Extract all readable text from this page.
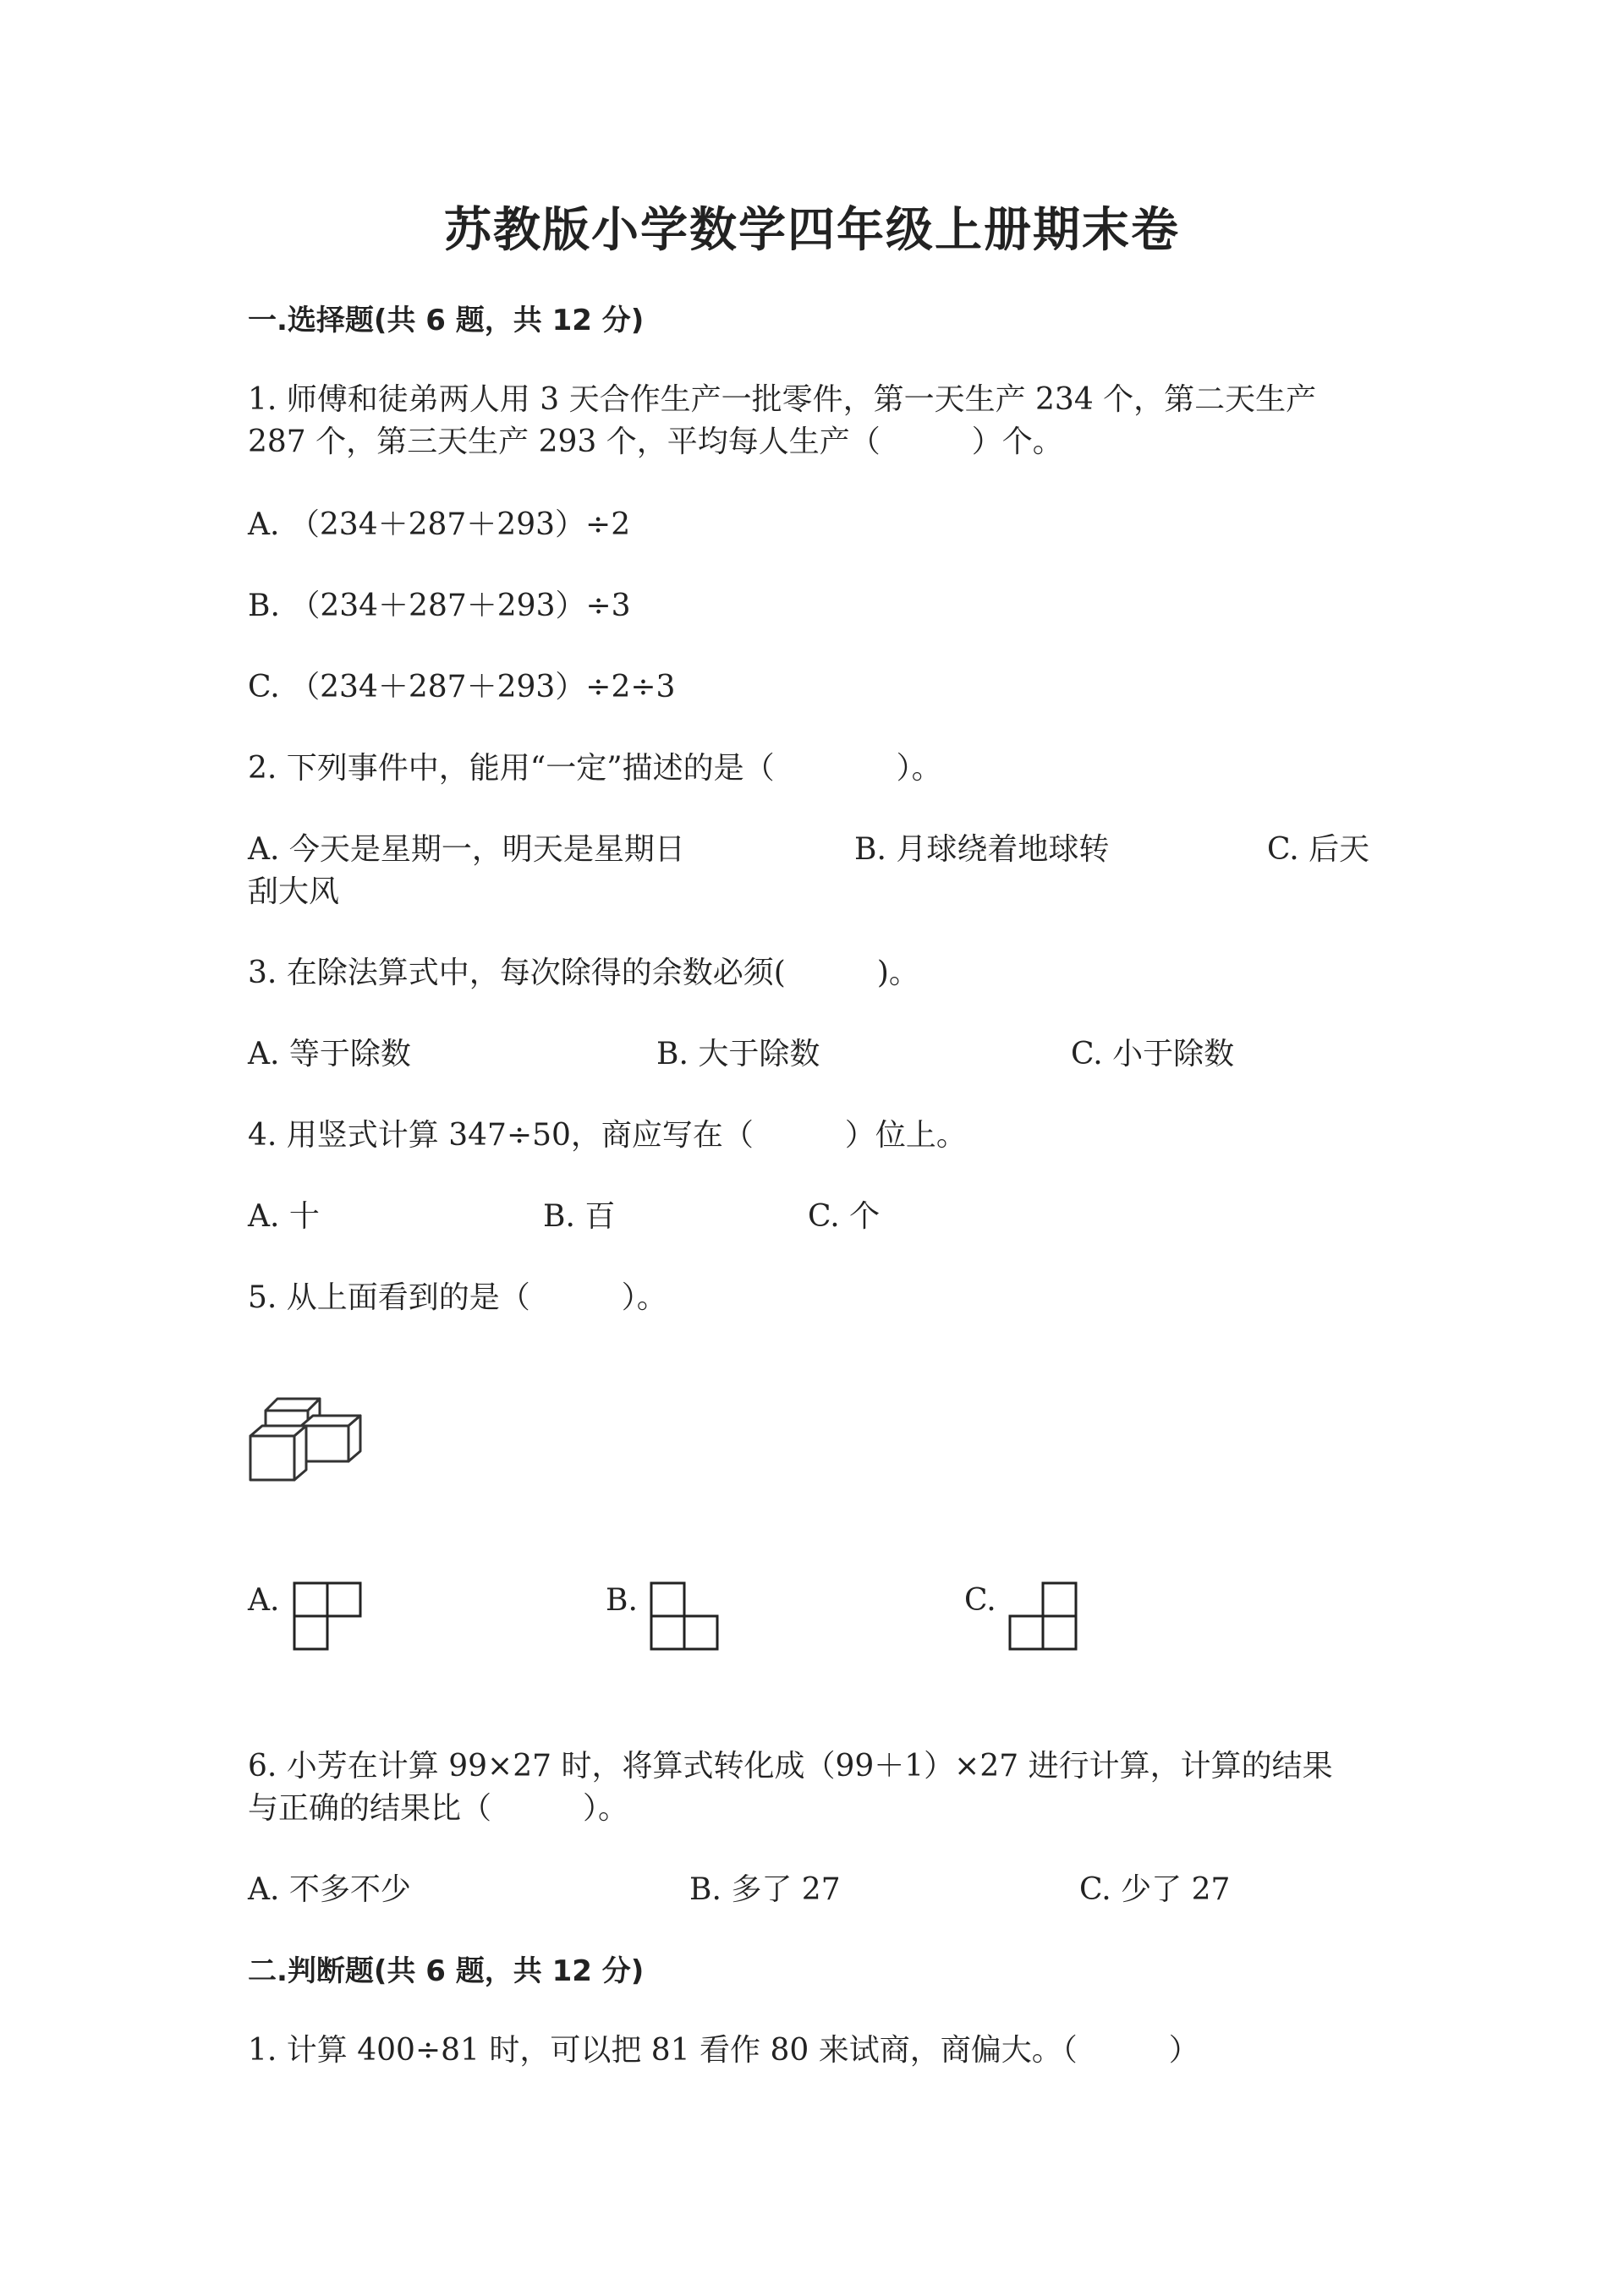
苏教版小学数学四年级上册期末卷
一.选择题(共 6 题，共 12 分)
1. 师傅和徒弟两人用 3 天合作生产一批零件，第一天生产 234 个，第二天生产
287 个，第三天生产 293 个，平均每人生产（　　　）个。
A. （234＋287＋293）÷2
B. （234＋287＋293）÷3
C. （234＋287＋293）÷2÷3
2. 下列事件中，能用“一定”描述的是（　　　　）。
A. 今天是星期一，明天是星期日	B. 月球绕着地球转	C. 后天
刮大风
3. 在除法算式中，每次除得的余数必须(　　　)。
A. 等于除数	B. 大于除数	C. 小于除数
4. 用竖式计算 347÷50，商应写在（　　　）位上。
A. 十	B. 百	C. 个
5. 从上面看到的是（　　　）。
A.	B.	C.
6. 小芳在计算 99×27 时，将算式转化成（99＋1）×27 进行计算，计算的结果
与正确的结果比（　　　）。
A. 不多不少	B. 多了 27	C. 少了 27
二.判断题(共 6 题，共 12 分)
1. 计算 400÷81 时，可以把 81 看作 80 来试商，商偏大。（　　　）
